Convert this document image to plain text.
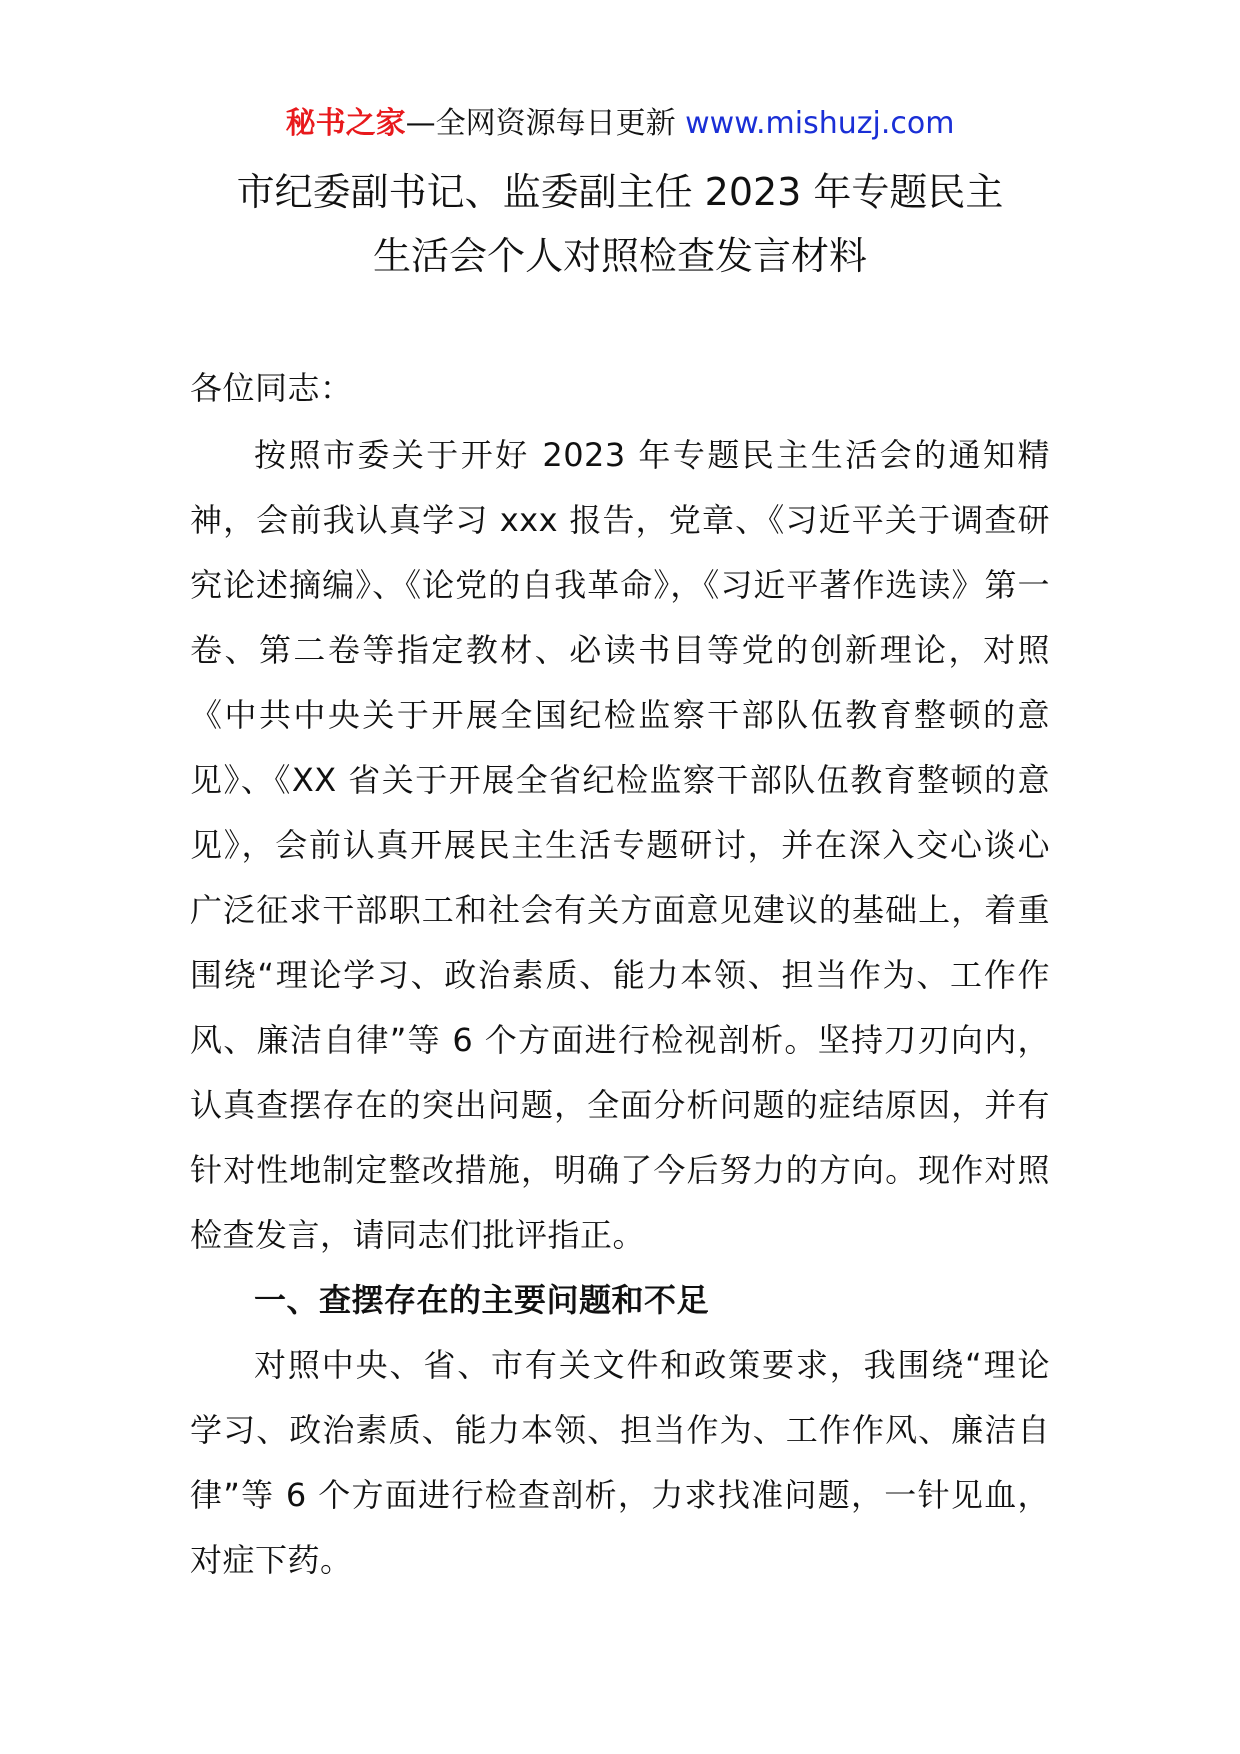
秘书之家—全网资源每日更新 www.mishuzj.com
市纪委副书记、监委副主任 2023 年专题民主
生活会个人对照检查发言材料

各位同志：

按照市委关于开好 2023 年专题民主生活会的通知精神，会前我认真学习 xxx 报告，党章、《习近平关于调查研究论述摘编》、《论党的自我革命》，《习近平著作选读》第一卷、第二卷等指定教材、必读书目等党的创新理论，对照《中共中央关于开展全国纪检监察干部队伍教育整顿的意见》、《XX 省关于开展全省纪检监察干部队伍教育整顿的意见》，会前认真开展民主生活专题研讨，并在深入交心谈心广泛征求干部职工和社会有关方面意见建议的基础上，着重围绕“理论学习、政治素质、能力本领、担当作为、工作作风、廉洁自律”等 6 个方面进行检视剖析。坚持刀刃向内，认真查摆存在的突出问题，全面分析问题的症结原因，并有针对性地制定整改措施，明确了今后努力的方向。现作对照检查发言，请同志们批评指正。

一、查摆存在的主要问题和不足

对照中央、省、市有关文件和政策要求，我围绕“理论学习、政治素质、能力本领、担当作为、工作作风、廉洁自律”等 6 个方面进行检查剖析，力求找准问题，一针见血，对症下药。
